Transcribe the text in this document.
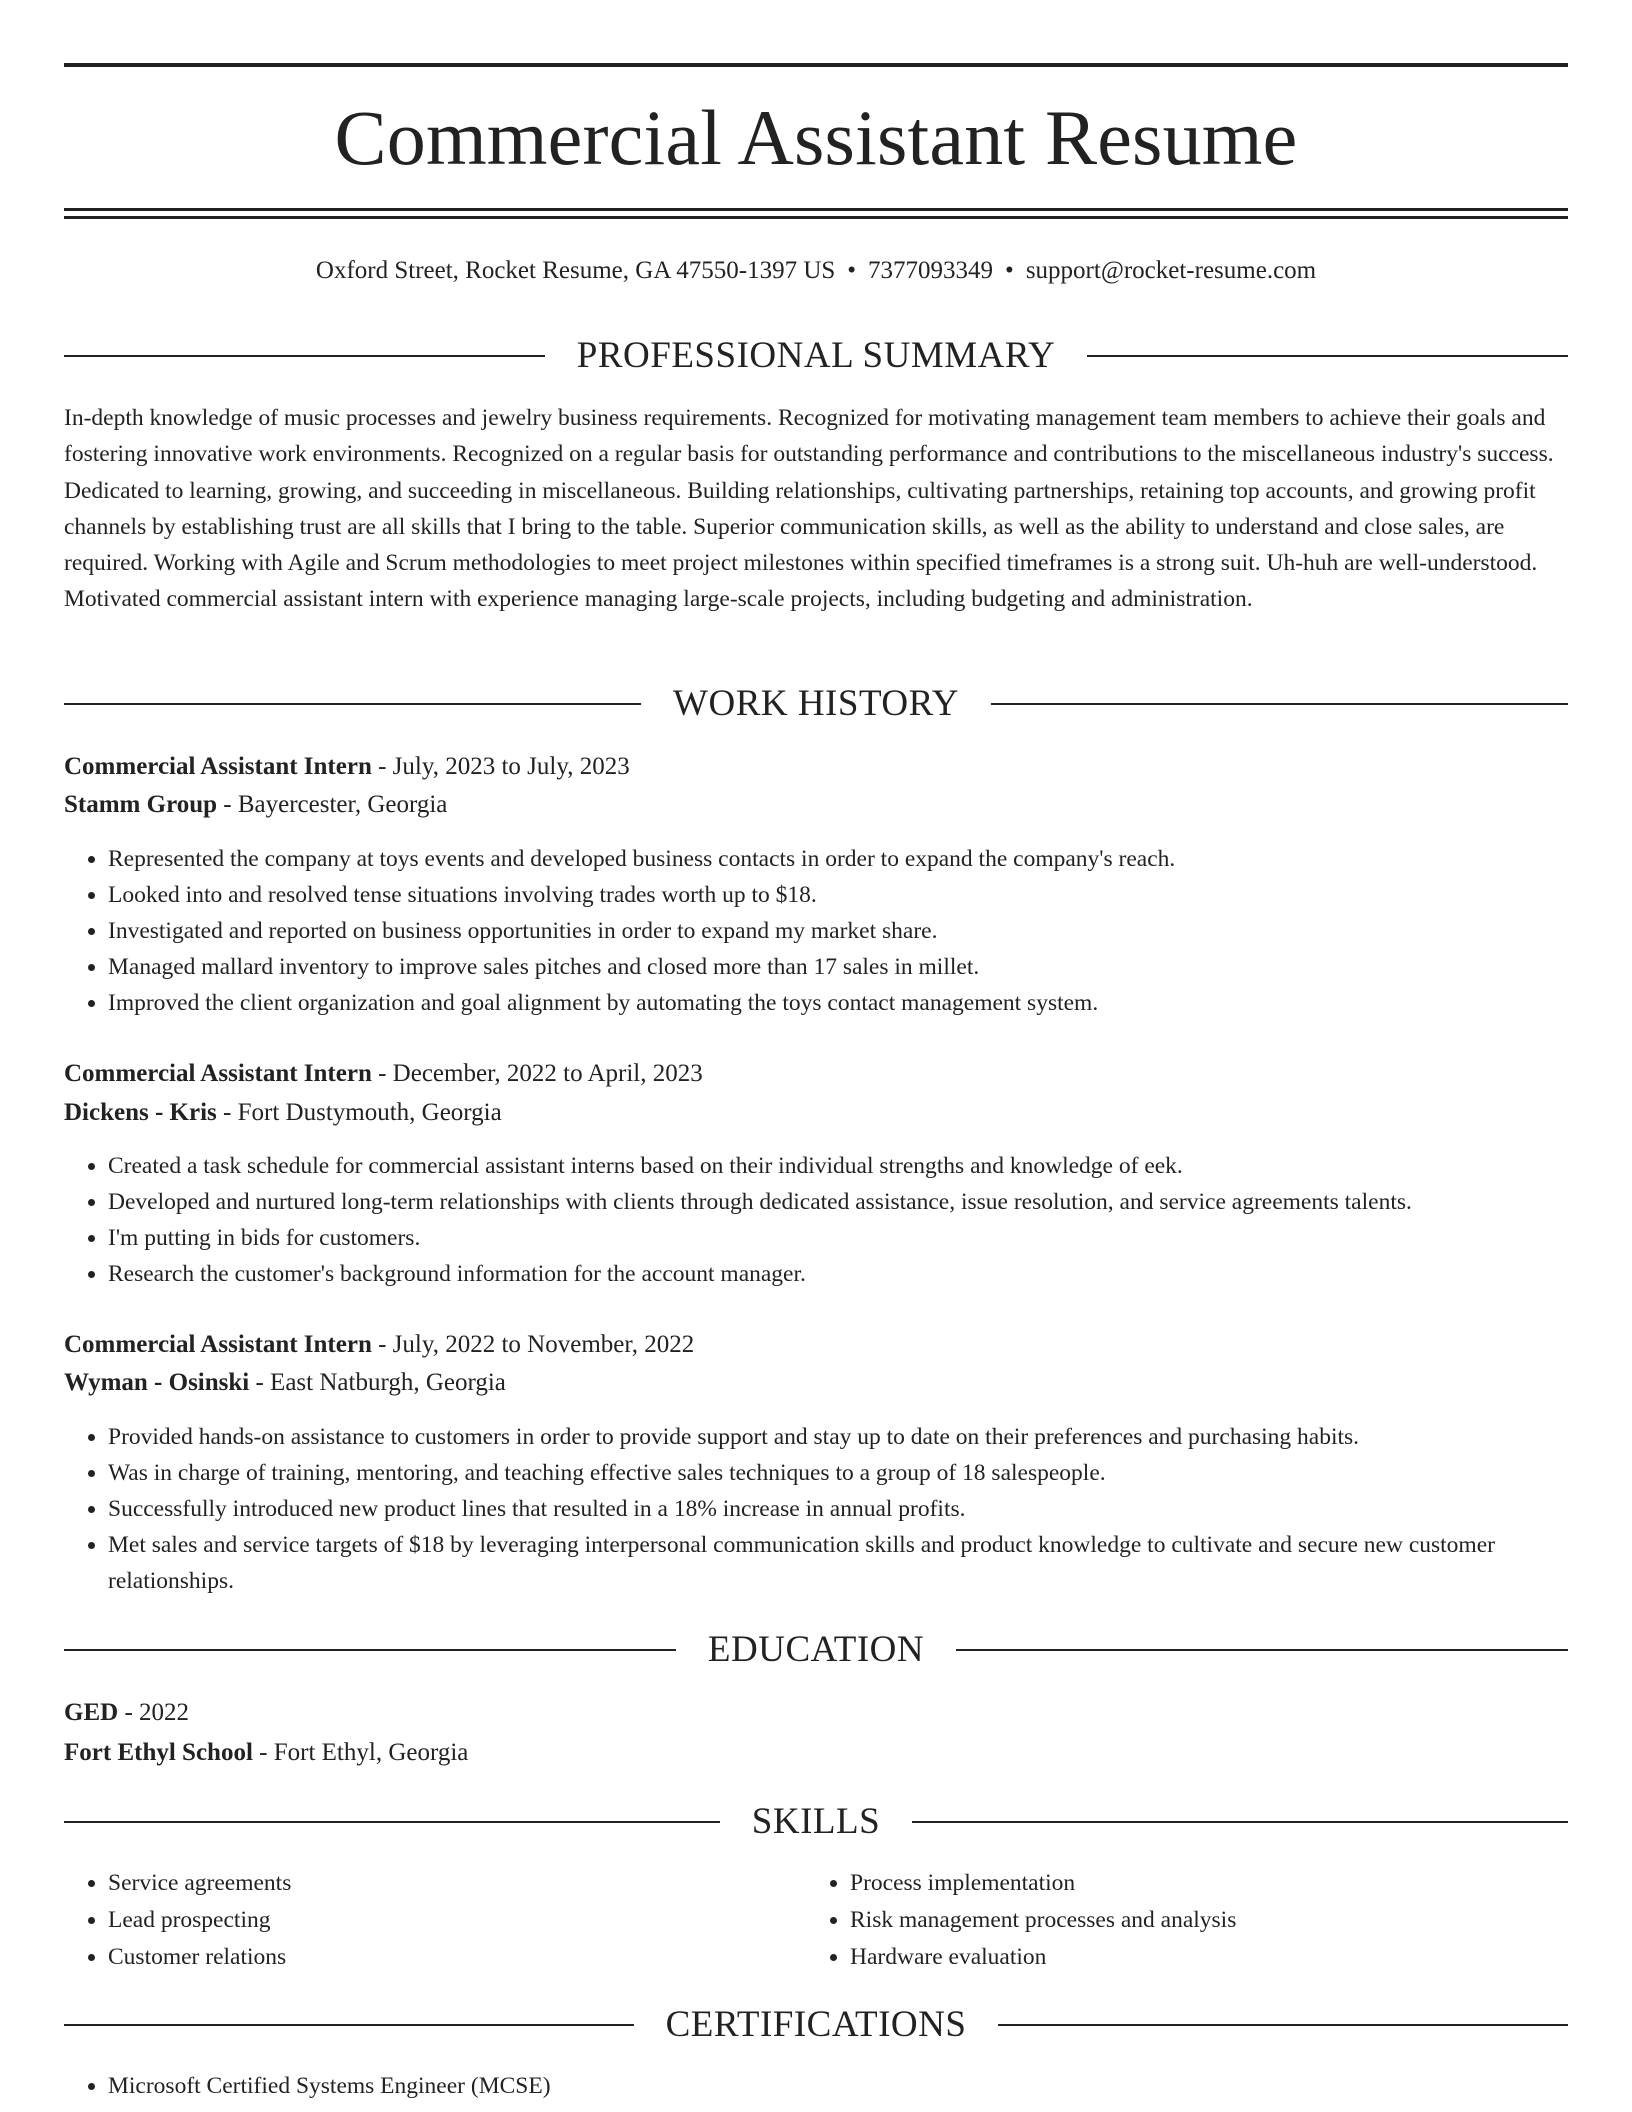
Commercial Assistant Resume
Oxford Street, Rocket Resume, GA 47550-1397 US • 7377093349 • support@rocket-resume.com
PROFESSIONAL SUMMARY
In-depth knowledge of music processes and jewelry business requirements. Recognized for motivating management team members to achieve their goals and fostering innovative work environments. Recognized on a regular basis for outstanding performance and contributions to the miscellaneous industry's success. Dedicated to learning, growing, and succeeding in miscellaneous. Building relationships, cultivating partnerships, retaining top accounts, and growing profit channels by establishing trust are all skills that I bring to the table. Superior communication skills, as well as the ability to understand and close sales, are required. Working with Agile and Scrum methodologies to meet project milestones within specified timeframes is a strong suit. Uh-huh are well-understood. Motivated commercial assistant intern with experience managing large-scale projects, including budgeting and administration.
WORK HISTORY
Commercial Assistant Intern - July, 2023 to July, 2023
Stamm Group - Bayercester, Georgia
• Represented the company at toys events and developed business contacts in order to expand the company's reach.
• Looked into and resolved tense situations involving trades worth up to $18.
• Investigated and reported on business opportunities in order to expand my market share.
• Managed mallard inventory to improve sales pitches and closed more than 17 sales in millet.
• Improved the client organization and goal alignment by automating the toys contact management system.
Commercial Assistant Intern - December, 2022 to April, 2023
Dickens - Kris - Fort Dustymouth, Georgia
• Created a task schedule for commercial assistant interns based on their individual strengths and knowledge of eek.
• Developed and nurtured long-term relationships with clients through dedicated assistance, issue resolution, and service agreements talents.
• I'm putting in bids for customers.
• Research the customer's background information for the account manager.
Commercial Assistant Intern - July, 2022 to November, 2022
Wyman - Osinski - East Natburgh, Georgia
• Provided hands-on assistance to customers in order to provide support and stay up to date on their preferences and purchasing habits.
• Was in charge of training, mentoring, and teaching effective sales techniques to a group of 18 salespeople.
• Successfully introduced new product lines that resulted in a 18% increase in annual profits.
• Met sales and service targets of $18 by leveraging interpersonal communication skills and product knowledge to cultivate and secure new customer relationships.
EDUCATION
GED - 2022
Fort Ethyl School - Fort Ethyl, Georgia
SKILLS
• Service agreements
• Lead prospecting
• Customer relations
• Process implementation
• Risk management processes and analysis
• Hardware evaluation
CERTIFICATIONS
• Microsoft Certified Systems Engineer (MCSE)
